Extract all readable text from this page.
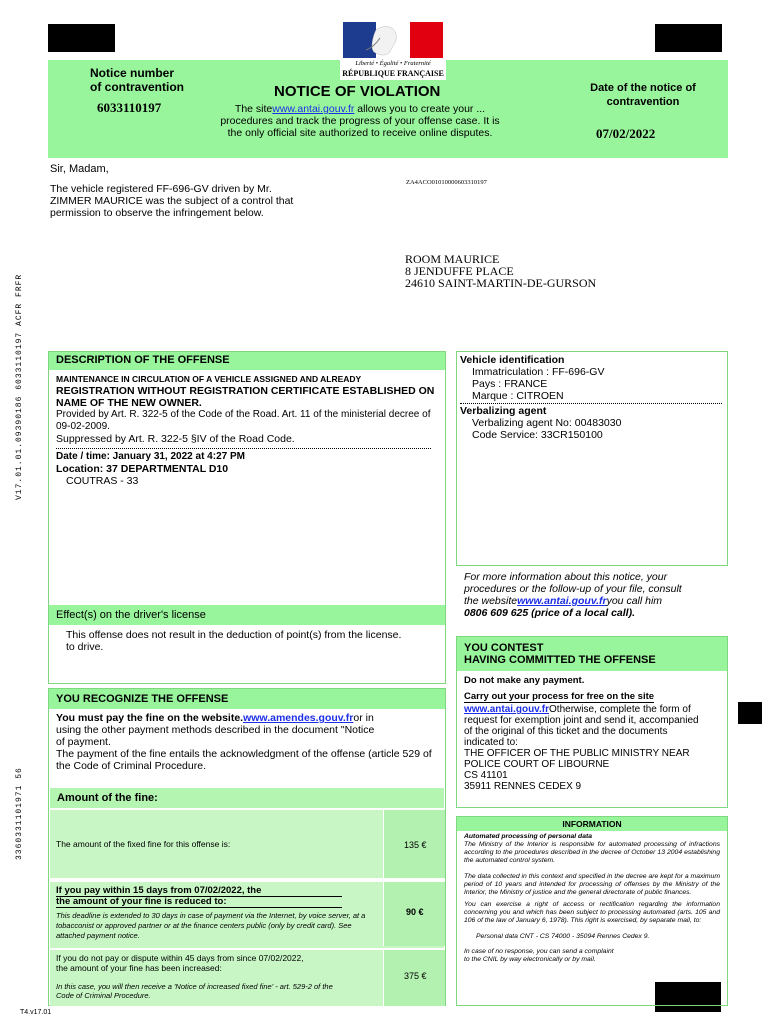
Liberté • Égalité • Fraternité
RÉPUBLIQUE FRANÇAISE
Notice number
of contravention
6033110197
NOTICE OF VIOLATION
The sitewww.antai.gouv.fr allows you to create your ...
procedures and track the progress of your offense case. It is
the only official site authorized to receive online disputes.
Date of the notice of
contravention
07/02/2022
Sir, Madam,
The vehicle registered FF-696-GV driven by Mr. ZIMMER MAURICE was the subject of a control that permission to observe the infringement below.
ZA4ACO01010000603310197
ROOM MAURICE
8 JENDUFFE PLACE
24610 SAINT-MARTIN-DE-GURSON
V17.01.01.09390186 6033110197 ACFR FRFR
3360331101971 56
T4.v17.01
DESCRIPTION OF THE OFFENSE
MAINTENANCE IN CIRCULATION OF A VEHICLE ASSIGNED AND ALREADY
REGISTRATION WITHOUT REGISTRATION CERTIFICATE ESTABLISHED ON NAME OF THE NEW OWNER.
Provided by Art. R. 322-5 of the Code of the Road. Art. 11 of the ministerial decree of 09-02-2009.
Suppressed by Art. R. 322-5 §IV of the Road Code.
Date / time: January 31, 2022 at 4:27 PM
Location: 37 DEPARTMENTAL D10
COUTRAS - 33
Effect(s) on the driver's license
This offense does not result in the deduction of point(s) from the license.
to drive.
Vehicle identification
Immatriculation : FF-696-GV
Pays : FRANCE
Marque : CITROEN
Verbalizing agent
Verbalizing agent No: 00483030
Code Service: 33CR150100
For more information about this notice, your
procedures or the follow-up of your file, consult
the websitewww.antai.gouv.fryou call him
0806 609 625 (price of a local call).
YOU CONTEST
HAVING COMMITTED THE OFFENSE
Do not make any payment.
Carry out your process for free on the site
www.antai.gouv.frOtherwise, complete the form of
request for exemption joint and send it, accompanied
of the original of this ticket and the documents
indicated to:
THE OFFICER OF THE PUBLIC MINISTRY NEAR
POLICE COURT OF LIBOURNE
CS 41101
35911 RENNES CEDEX 9
YOU RECOGNIZE THE OFFENSE
You must pay the fine on the website.www.amendes.gouv.fror in
using the other payment methods described in the document "Notice
of payment.
The payment of the fine entails the acknowledgment of the offense (article 529 of the Code of Criminal Procedure.
Amount of the fine:
The amount of the fixed fine for this offense is:	135 €
If you pay within 15 days from 07/02/2022, the
the amount of your fine is reduced to:
This deadline is extended to 30 days in case of payment via the Internet, by voice server, at a tobacconist or approved partner or at the finance centers public (only by credit card). See attached payment notice.
90 €
If you do not pay or dispute within 45 days from since 07/02/2022, the amount of your fine has been increased:
In this case, you will then receive a 'Notice of increased fixed fine' - art. 529-2 of the Code of Criminal Procedure.
375 €
INFORMATION
Automated processing of personal data
The Ministry of the Interior is responsible for automated processing of infractions according to the procedures described in the decree of October 13 2004 establishing the automated control system.
The data collected in this context and specified in the decree are kept for a maximum period of 10 years and intended for processing of offenses by the Ministry of the Interior, the Ministry of justice and the general directorate of public finances.
You can exercise a right of access or rectification regarding the information concerning you and which has been subject to processing automated (arts. 105 and 106 of the law of January 6, 1978). This right is exercised, by separate mail, to:
Personal data CNT - CS 74000 - 35094 Rennes Cedex 9.
In case of no response, you can send a complaint to the CNIL by way electronically or by mail.
